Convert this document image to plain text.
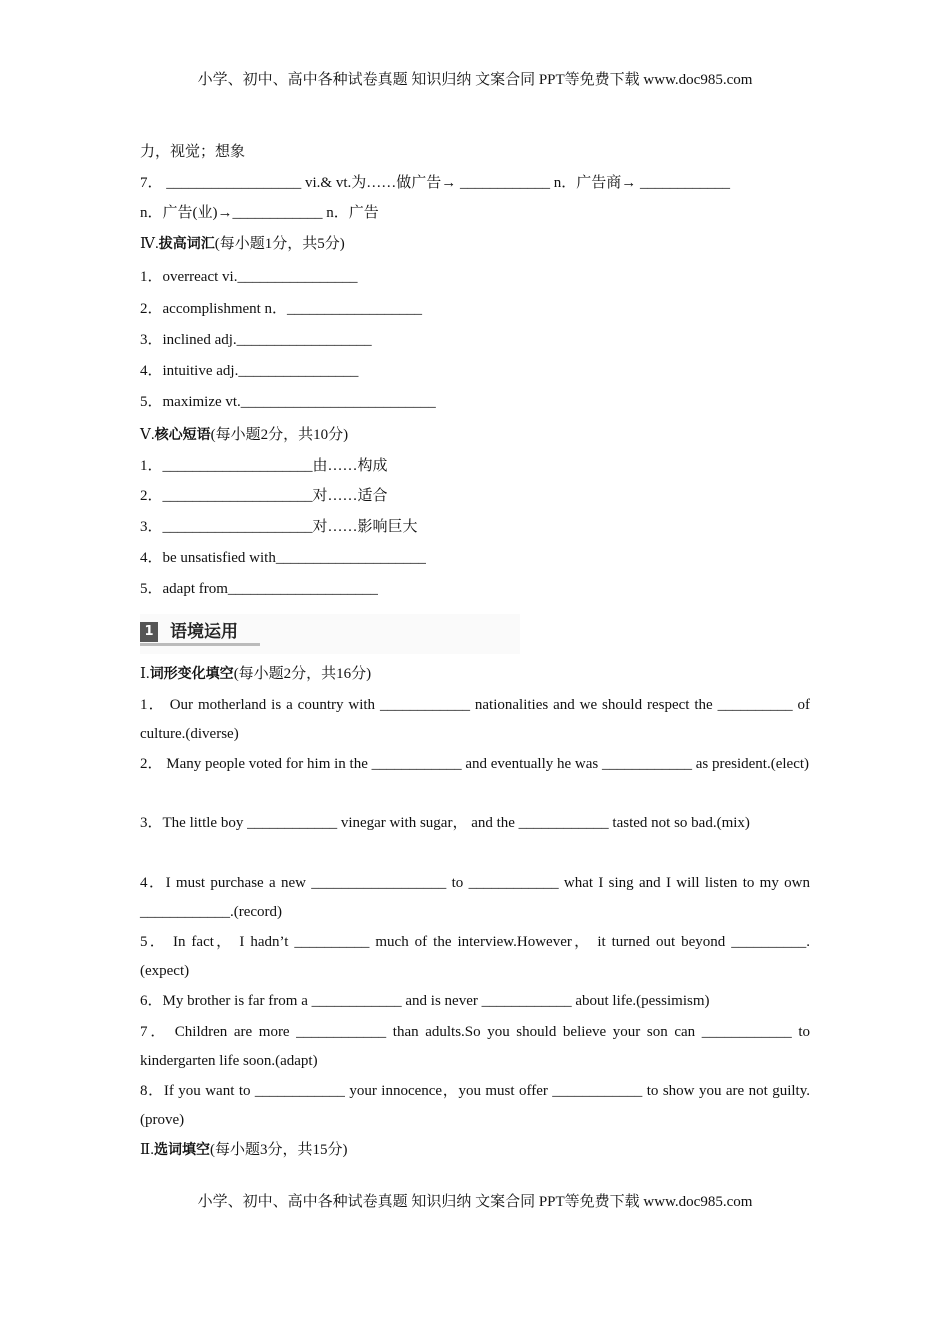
小学、初中、高中各种试卷真题 知识归纳 文案合同 PPT等免费下载 www.doc985.com
力，视觉；想象
7． __________________ vi.& vt.为……做广告→ ____________ n．广告商→ ____________
n．广告(业)→____________ n．广告
Ⅳ.拔高词汇(每小题1分，共5分)
1．overreact vi.________________
2．accomplishment n．__________________
3．inclined adj.__________________
4．intuitive adj.________________
5．maximize vt.__________________________
Ⅴ.核心短语(每小题2分，共10分)
1．____________________由……构成
2．____________________对……适合
3．____________________对……影响巨大
4．be unsatisfied with____________________
5．adapt from____________________
1 语境运用
Ⅰ.词形变化填空(每小题2分，共16分)
1． Our motherland is a country with ____________ nationalities and we should respect the __________ of culture.(diverse)
2． Many people voted for him in the ____________ and eventually he was ____________ as president.(elect)
3．The little boy ____________ vinegar with sugar， and the ____________ tasted not so bad.(mix)
4．I must purchase a new __________________ to ____________ what I sing and I will listen to my own ____________.(record)
5． In fact， I hadn’t __________ much of the interview.However， it turned out beyond __________.(expect)
6．My brother is far from a ____________ and is never ____________ about life.(pessimism)
7． Children are more ____________ than adults.So you should believe your son can ____________ to kindergarten life soon.(adapt)
8．If you want to ____________ your innocence，you must offer ____________ to show you are not guilty.(prove)
Ⅱ.选词填空(每小题3分，共15分)
小学、初中、高中各种试卷真题 知识归纳 文案合同 PPT等免费下载 www.doc985.com
